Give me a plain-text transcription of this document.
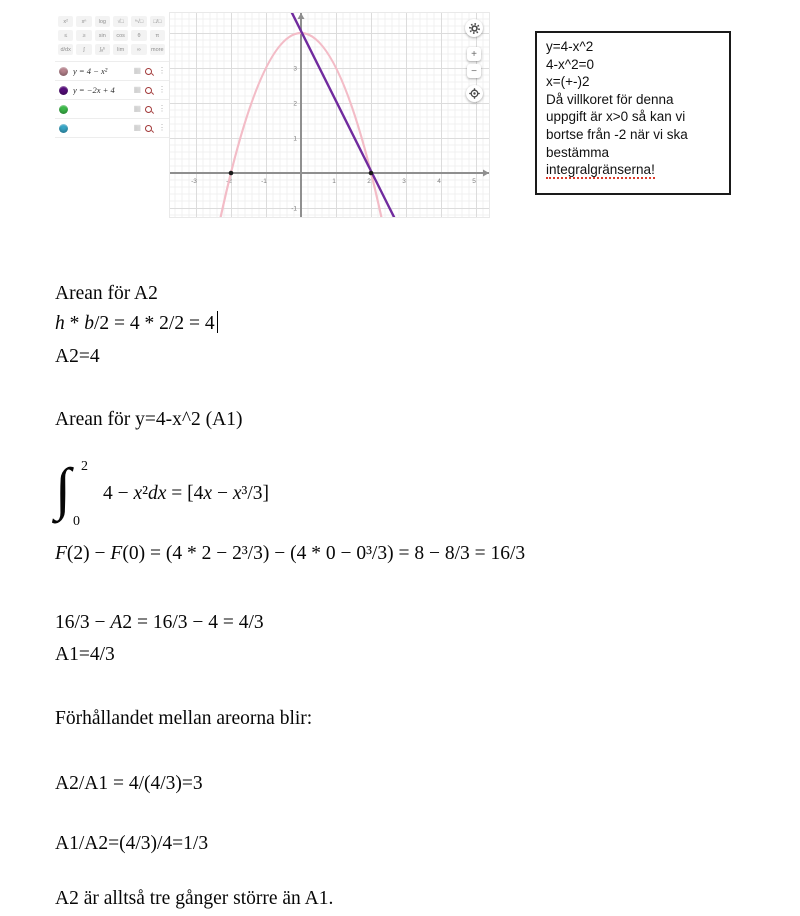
x²	xⁿ	log	√□	ⁿ√□	□/□
≤	≥	sin	cos	θ	π
d/dx	∫	∫ₐᵇ	lim	∞	more
y = 4 − x²	▦ ⋮
y = −2x + 4	▦ ⋮
▦ ⋮
▦ ⋮
-3	-2	-1	1	2	3	4	5
3
2
1
-1
+
−
y=4-x^2
4-x^2=0
x=(+-)2
Då villkoret för denna
uppgift är x>0 så kan vi
bortse från -2 när vi ska
bestämma
integralgränserna!
Arean för A2
h * b/2 = 4 * 2/2 = 4
A2=4
Arean för y=4-x^2 (A1)
∫ 2
0
4 − x²dx = [4x − x³/3]
F(2) − F(0) = (4 * 2 − 2³/3) − (4 * 0 − 0³/3) = 8 − 8/3 = 16/3
16/3 − A2 = 16/3 − 4 = 4/3
A1=4/3
Förhållandet mellan areorna blir:
A2/A1 = 4/(4/3)=3
A1/A2=(4/3)/4=1/3
A2 är alltså tre gånger större än A1.
